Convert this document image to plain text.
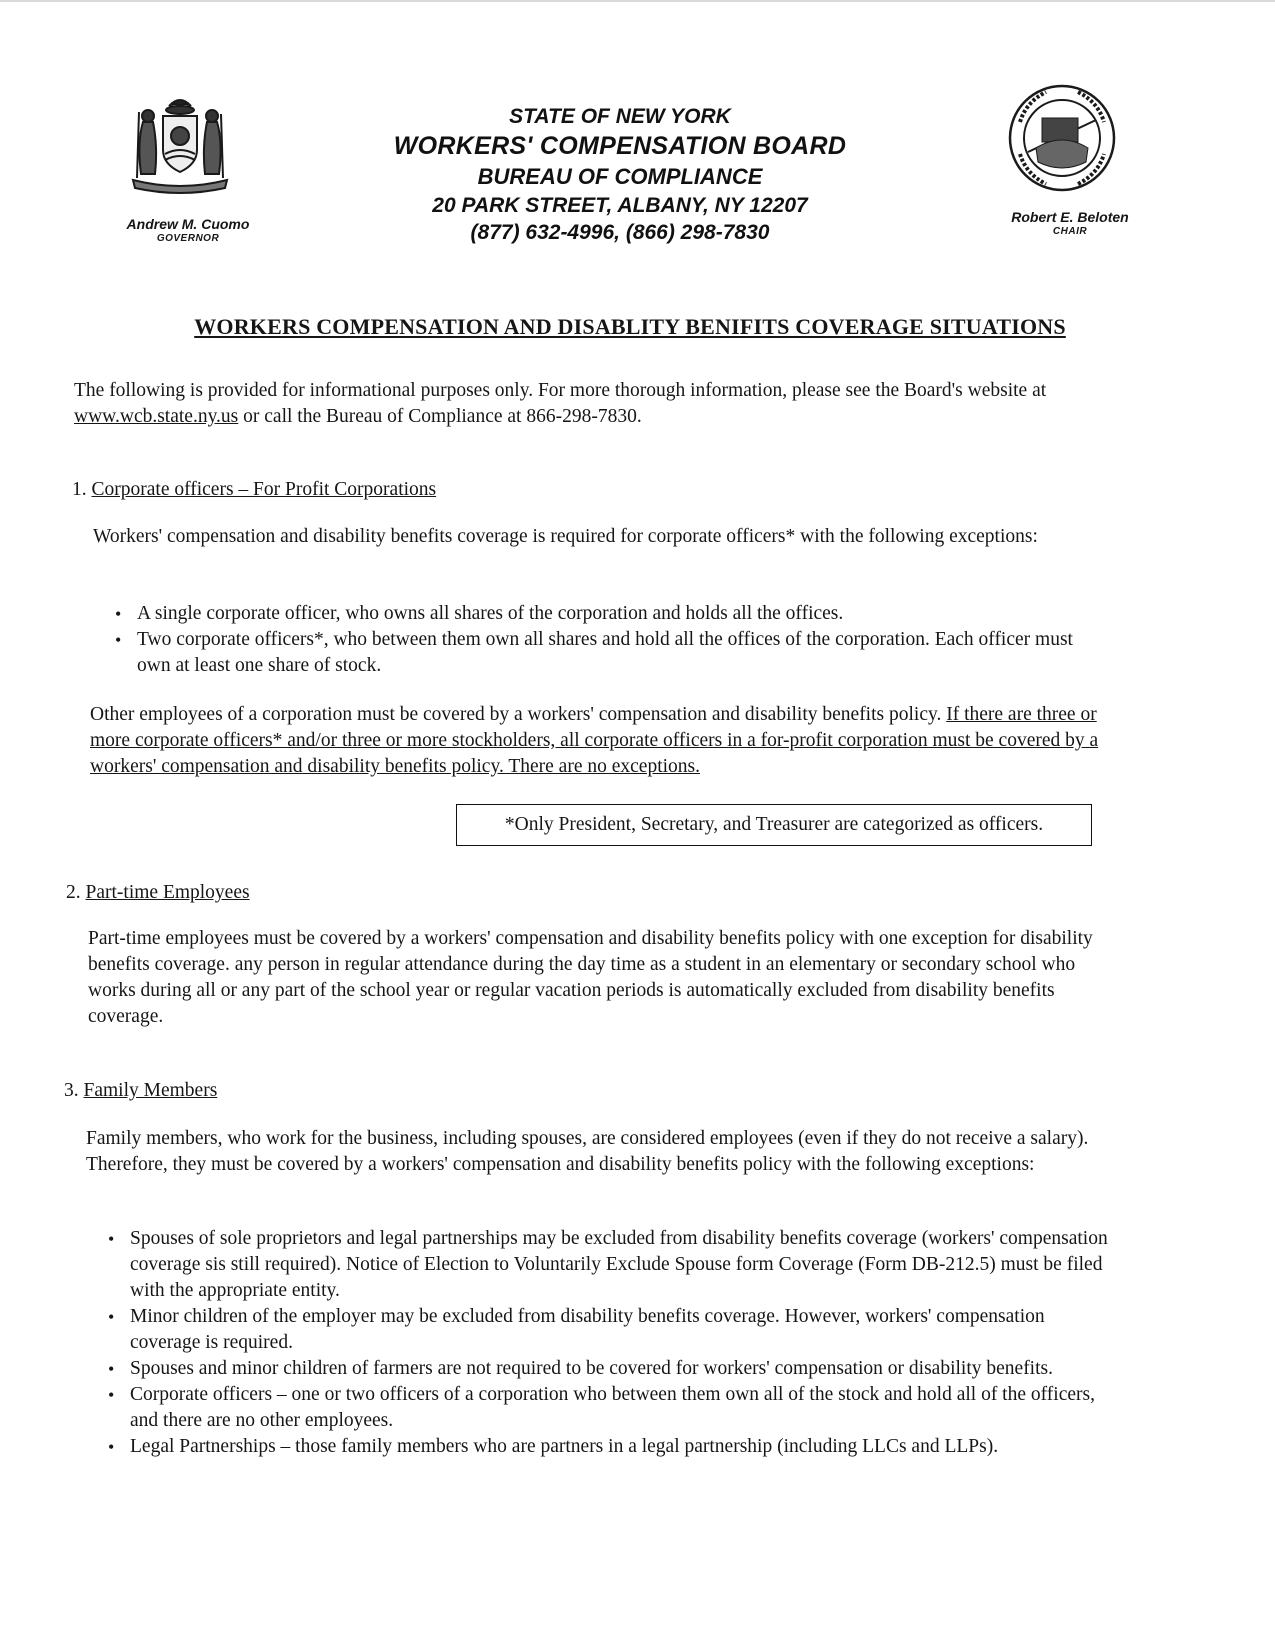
STATE OF NEW YORK
WORKERS' COMPENSATION BOARD
BUREAU OF COMPLIANCE
20 PARK STREET, ALBANY, NY 12207
(877) 632-4996, (866) 298-7830
Andrew M. Cuomo
GOVERNOR
Robert E. Beloten
CHAIR
WORKERS COMPENSATION AND DISABLITY BENIFITS COVERAGE SITUATIONS
The following is provided for informational purposes only. For more thorough information, please see the Board's website at www.wcb.state.ny.us or call the Bureau of Compliance at 866-298-7830.
1. Corporate officers – For Profit Corporations
Workers' compensation and disability benefits coverage is required for corporate officers* with the following exceptions:
• A single corporate officer, who owns all shares of the corporation and holds all the offices.
• Two corporate officers*, who between them own all shares and hold all the offices of the corporation. Each officer must own at least one share of stock.
Other employees of a corporation must be covered by a workers' compensation and disability benefits policy. If there are three or more corporate officers* and/or three or more stockholders, all corporate officers in a for-profit corporation must be covered by a workers' compensation and disability benefits policy. There are no exceptions.
*Only President, Secretary, and Treasurer are categorized as officers.
2. Part-time Employees
Part-time employees must be covered by a workers' compensation and disability benefits policy with one exception for disability benefits coverage. any person in regular attendance during the day time as a student in an elementary or secondary school who works during all or any part of the school year or regular vacation periods is automatically excluded from disability benefits coverage.
3. Family Members
Family members, who work for the business, including spouses, are considered employees (even if they do not receive a salary). Therefore, they must be covered by a workers' compensation and disability benefits policy with the following exceptions:
• Spouses of sole proprietors and legal partnerships may be excluded from disability benefits coverage (workers' compensation coverage sis still required). Notice of Election to Voluntarily Exclude Spouse form Coverage (Form DB-212.5) must be filed with the appropriate entity.
• Minor children of the employer may be excluded from disability benefits coverage. However, workers' compensation coverage is required.
• Spouses and minor children of farmers are not required to be covered for workers' compensation or disability benefits.
• Corporate officers – one or two officers of a corporation who between them own all of the stock and hold all of the officers, and there are no other employees.
• Legal Partnerships – those family members who are partners in a legal partnership (including LLCs and LLPs).
